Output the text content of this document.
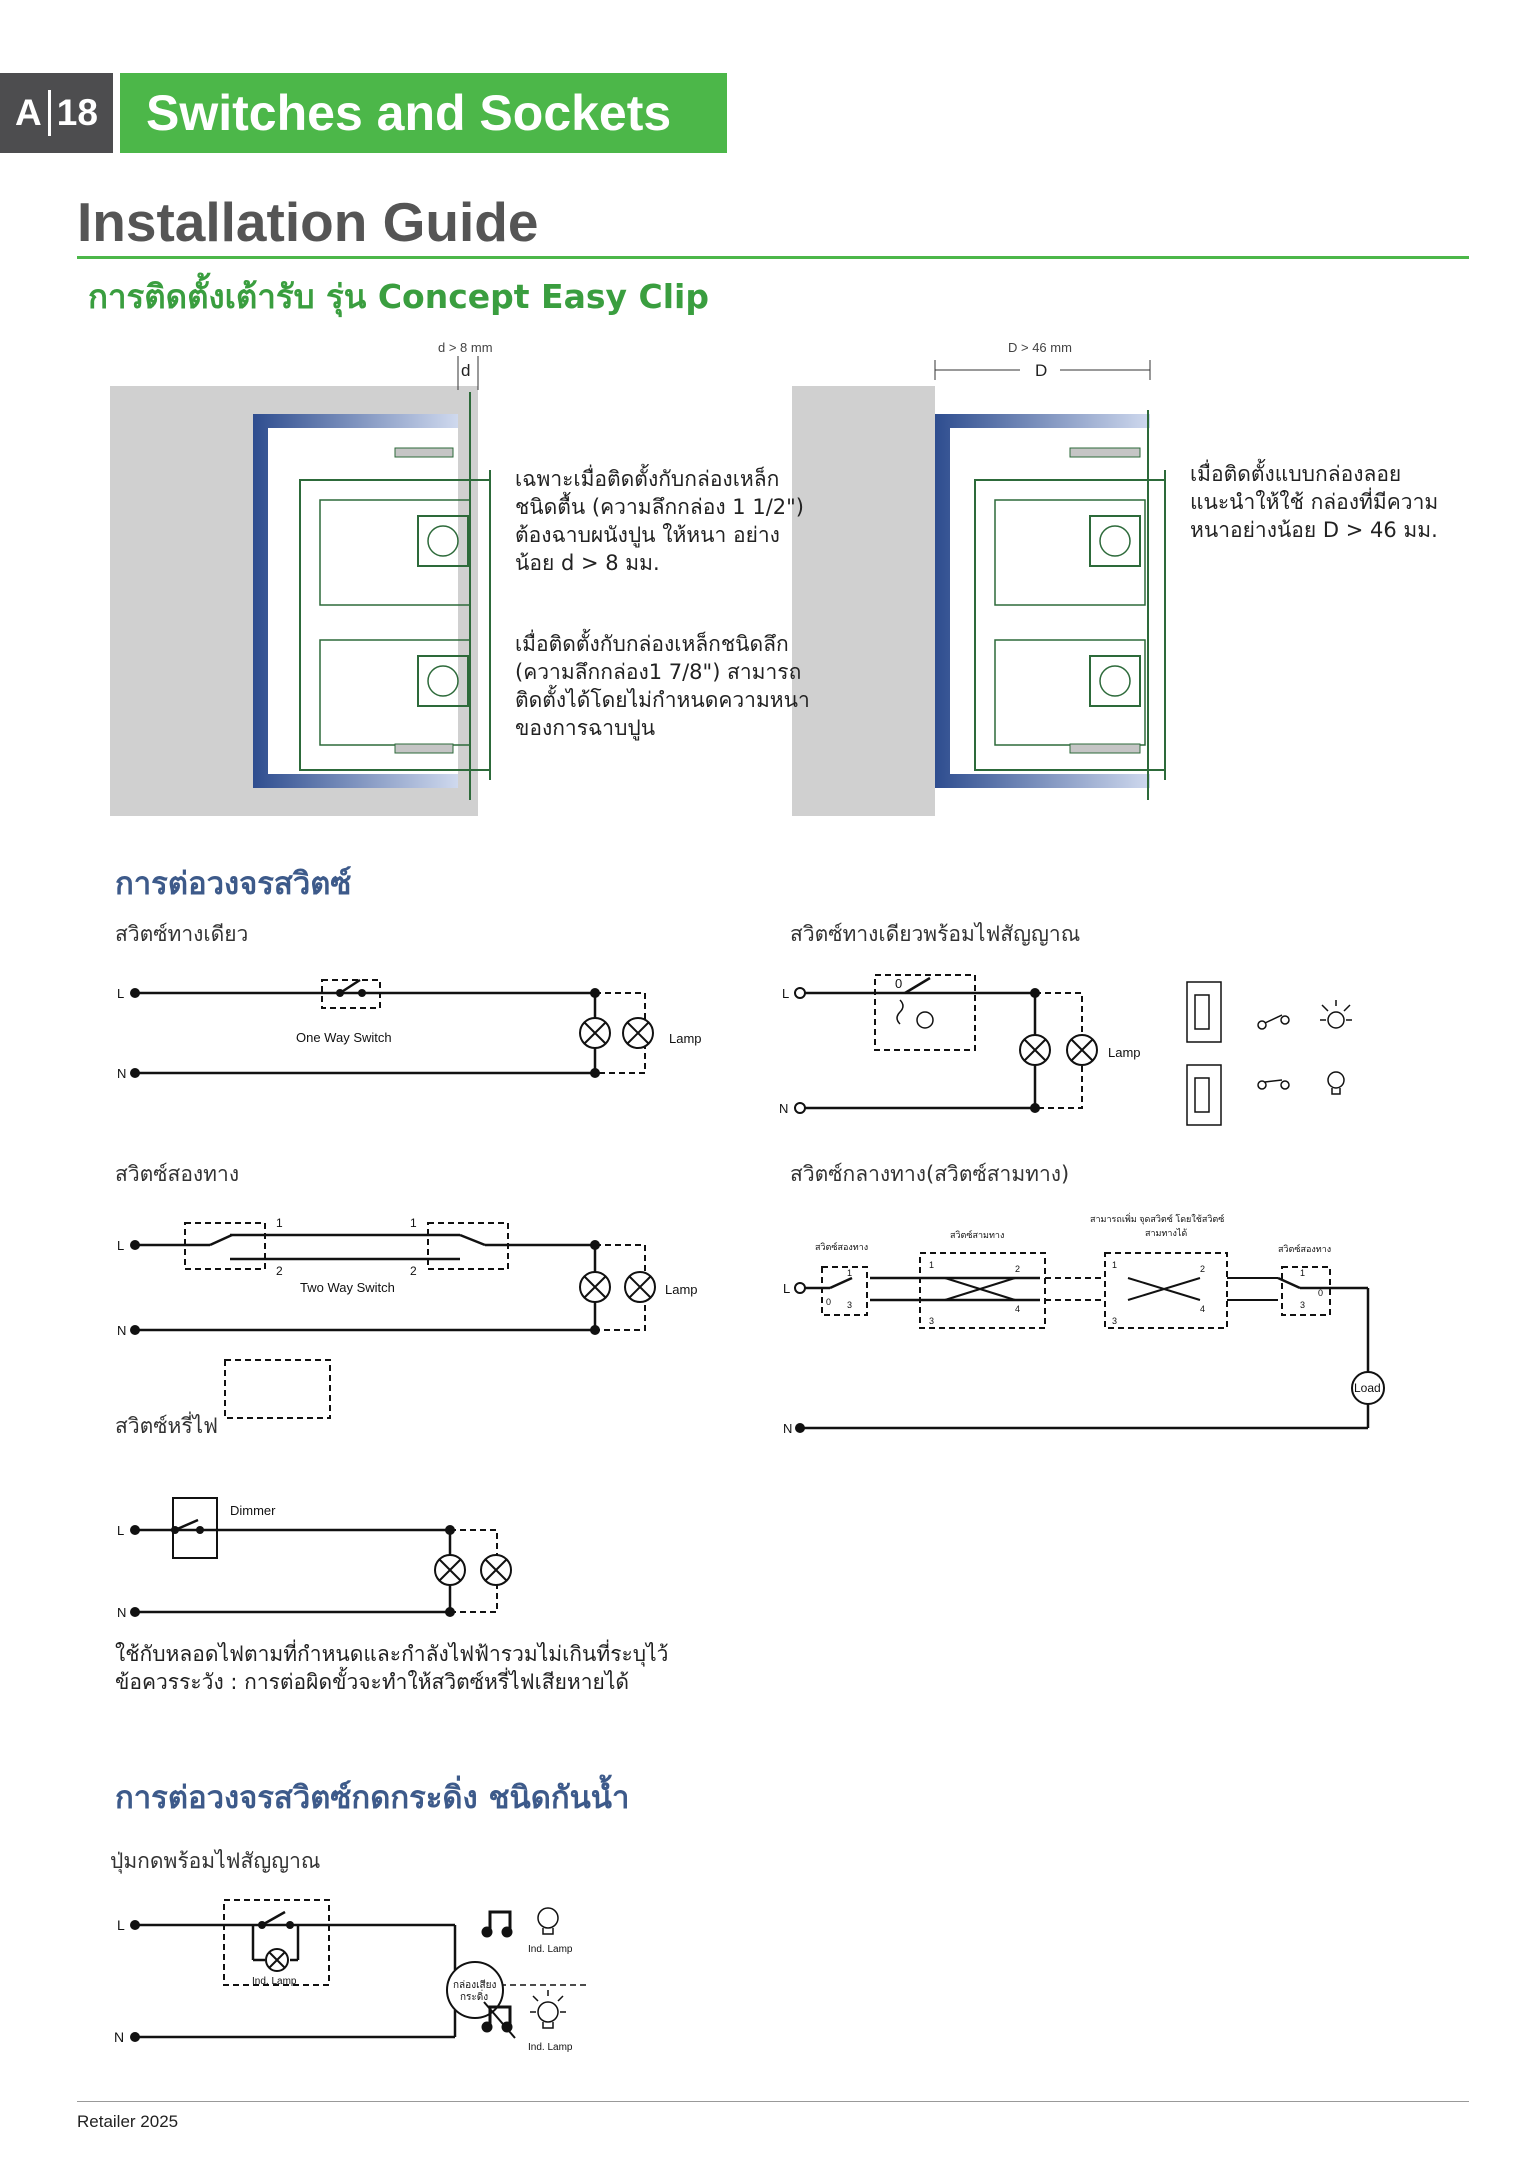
A 18 Switches and Sockets
Installation Guide
การติดตั้งเต้ารับ รุ่น Concept Easy Clip
d > 8 mm
d
D > 46 mm
D
เฉพาะเมื่อติดตั้งกับกล่องเหล็ก
ชนิดตื้น (ความลึกกล่อง 1 1/2")
ต้องฉาบผนังปูน ให้หนา อย่าง
น้อย d > 8 มม.
เมื่อติดตั้งกับกล่องเหล็กชนิดลึก
(ความลึกกล่อง1 7/8") สามารถ
ติดตั้งได้โดยไม่กำหนดความหนา
ของการฉาบปูน
เมื่อติดตั้งแบบกล่องลอย
แนะนำให้ใช้ กล่องที่มีความ
หนาอย่างน้อย D > 46 มม.
การต่อวงจรสวิตซ์
สวิตซ์ทางเดียว	สวิตซ์ทางเดียวพร้อมไฟสัญญาณ
สวิตซ์สองทาง	สวิตซ์กลางทาง(สวิตซ์สามทาง)
สวิตซ์หรี่ไฟ
L
N
One Way Switch	Lamp
L
N
0
Lamp
L
N
1	1
2	2
Two Way Switch	Lamp	L
N
สวิตซ์สองทาง
สวิตซ์สามทาง
สามารถเพิ่ม จุดสวิตซ์ โดยใช้สวิตซ์
สามทางได้
สวิตซ์สองทาง
Load
0
1
3
1	2
3
4
1	2
3
4
1
3
0
L
N
Dimmer
ใช้กับหลอดไฟตามที่กำหนดและกำลังไฟฟ้ารวมไม่เกินที่ระบุไว้
ข้อควรระวัง : การต่อผิดขั้วจะทำให้สวิตซ์หรี่ไฟเสียหายได้
การต่อวงจรสวิตซ์กดกระดิ่ง ชนิดกันน้ำ
ปุ่มกดพร้อมไฟสัญญาณ
L
N
Ind. Lamp
Ind. Lamp
Ind. Lamp
กล่องเสียง
กระดิ่ง
Retailer 2025
